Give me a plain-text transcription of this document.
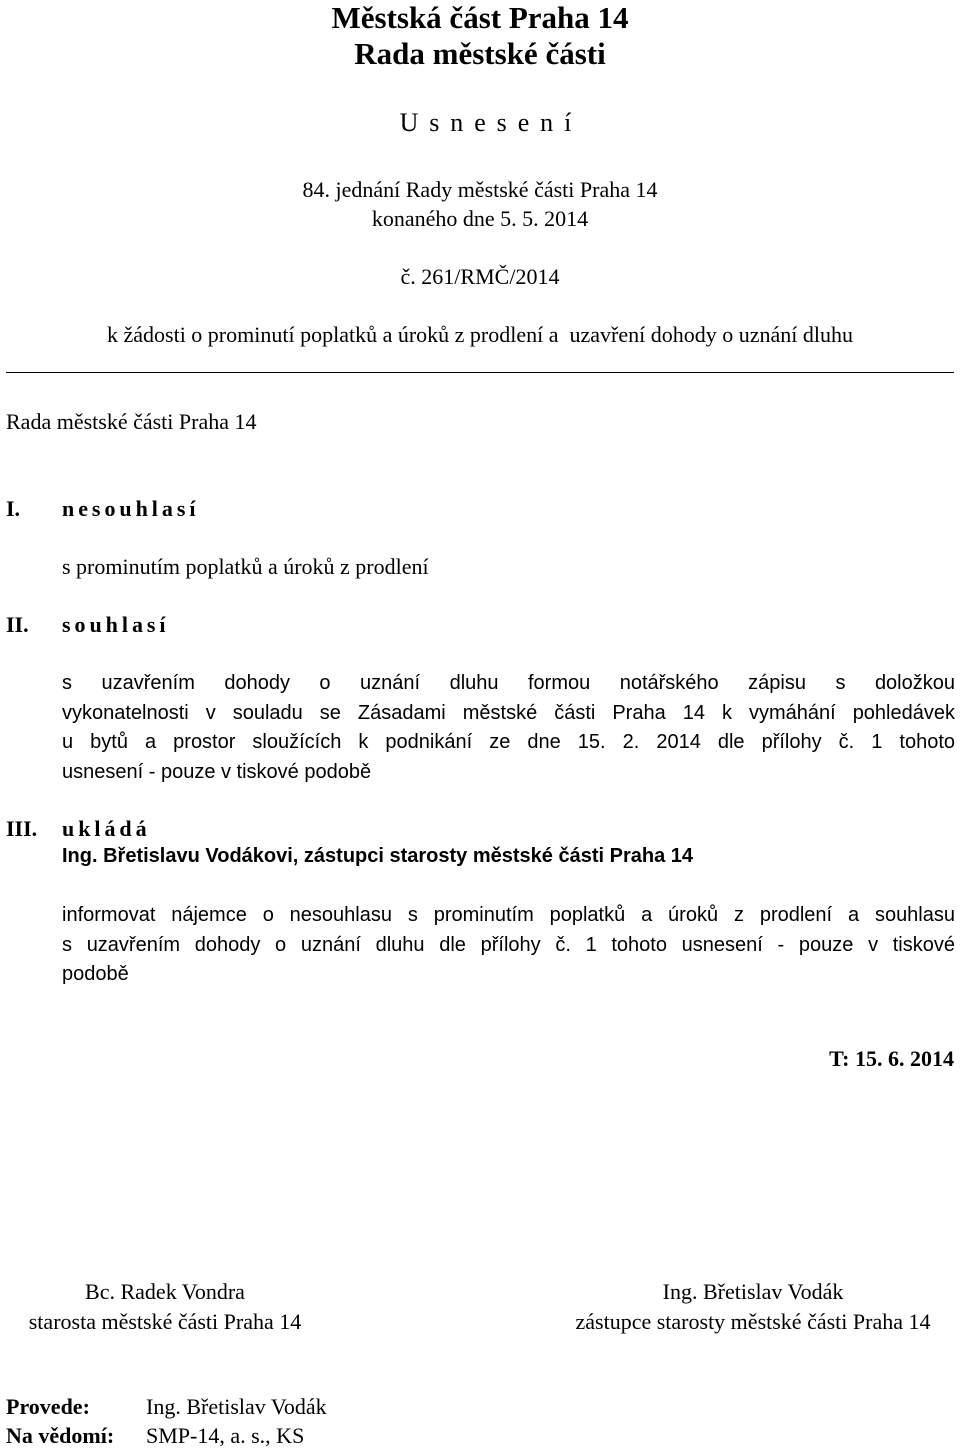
Městská část Praha 14
Rada městské části
Usnesení
84. jednání Rady městské části Praha 14
konaného dne 5. 5. 2014
č. 261/RMČ/2014
k žádosti o prominutí poplatků a úroků z prodlení a  uzavření dohody o uznání dluhu
Rada městské části Praha 14
I. nesouhlasí
s prominutím poplatků a úroků z prodlení
II. souhlasí
s uzavřením dohody o uznání dluhu formou notářského zápisu s doložkou
vykonatelnosti v souladu se Zásadami městské části Praha 14 k vymáhání pohledávek
u bytů a prostor sloužících k podnikání ze dne 15. 2. 2014 dle přílohy č. 1 tohoto
usnesení - pouze v tiskové podobě
III. ukládá
Ing. Břetislavu Vodákovi, zástupci starosty městské části Praha 14
informovat nájemce o nesouhlasu s prominutím poplatků a úroků z prodlení a souhlasu
s uzavřením dohody o uznání dluhu dle přílohy č. 1 tohoto usnesení - pouze v tiskové
podobě
T: 15. 6. 2014
Bc. Radek Vondra
starosta městské části Praha 14
Ing. Břetislav Vodák
zástupce starosty městské části Praha 14
Provede:	Ing. Břetislav Vodák
Na vědomí: SMP-14, a. s., KS
